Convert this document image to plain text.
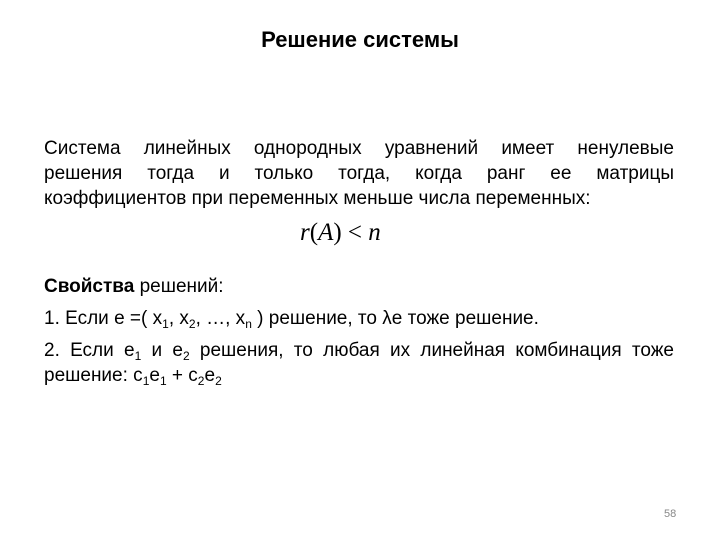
Решение системы
Система линейных однородных уравнений имеет ненулевые
решения тогда и только тогда, когда ранг ее матрицы
коэффициентов при переменных меньше числа переменных:
r(A) < n
Свойства решений:
1. Если e =( $x_1$, $x_2$, …, $x_n$ ) решение, то λe тоже решение.
2. Если $e_1$ и $e_2$ решения, то любая их линейная комбинация тоже
решение: $c_1e_1 + c_2e_2$
58
